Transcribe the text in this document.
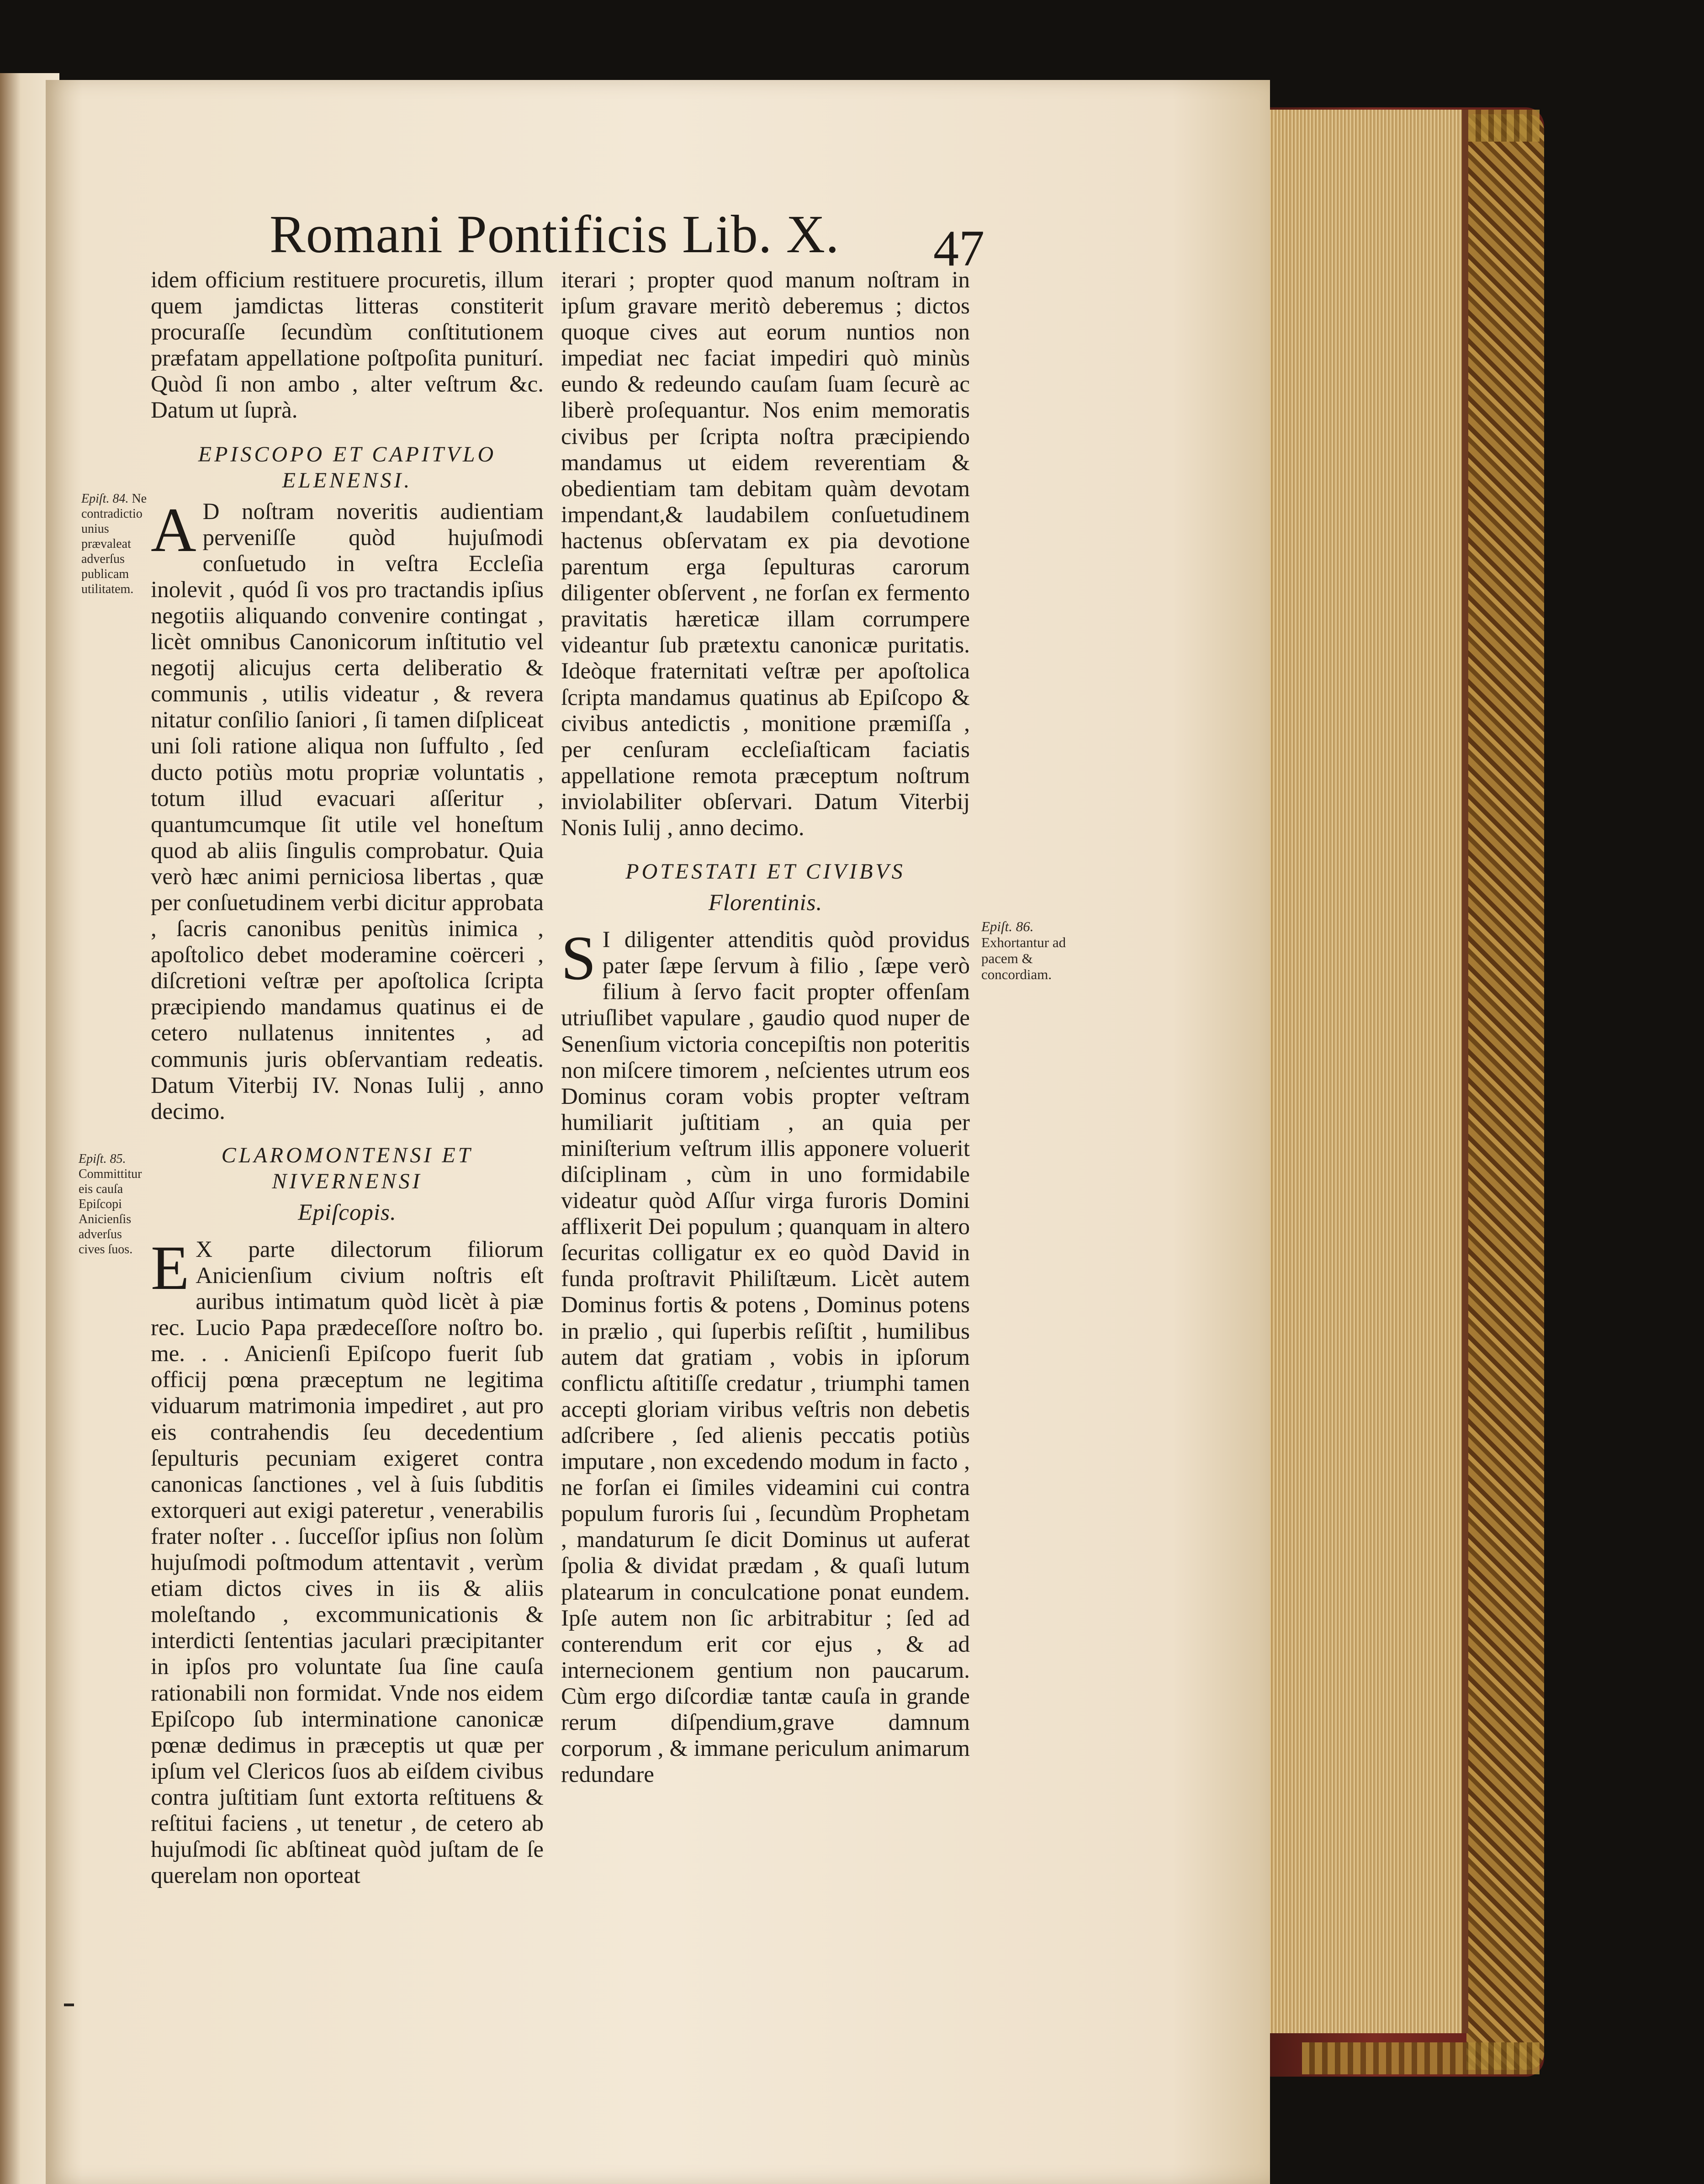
Romani Pontificis Lib. X.	47
Epiſt. 84. Ne contradictio unius prævaleat adverſus publicam utilitatem.
Epiſt. 85. Committitur eis cauſa Epiſcopi Anicienſis adverſus cives ſuos.
Epiſt. 86. Exhortantur ad pacem & concordiam.

idem officium restituere procuretis, illum quem jamdictas litteras constiterit procuraſſe ſecundùm conſtitutionem præfatam appellatione poſtpoſita puniturí. Quòd ſi non ambo , alter veſtrum &c. Datum ut ſuprà.

EPISCOPO ET CAPITVLO ELENENSI.

A D noſtram noveritis audientiam perveniſſe quòd hujuſmodi conſuetudo in veſtra Eccleſia inolevit , quód ſi vos pro tractandis ipſius negotiis aliquando convenire contingat , licèt omnibus Canonicorum inſtitutio vel negotij alicujus certa deliberatio & communis , utilis videatur , & revera nitatur conſilio ſaniori , ſi tamen diſpliceat uni ſoli ratione aliqua non ſuffulto , ſed ducto potiùs motu propriæ voluntatis , totum illud evacuari aſſeritur , quantumcumque ſit utile vel honeſtum quod ab aliis ſingulis comprobatur. Quia verò hæc animi perniciosa libertas , quæ per conſuetudinem verbi dicitur approbata , ſacris canonibus penitùs inimica , apoſtolico debet moderamine coërceri , diſcretioni veſtræ per apoſtolica ſcripta præcipiendo mandamus quatinus ei de cetero nullatenus innitentes , ad communis juris obſervantiam redeatis. Datum Viterbij IV. Nonas Iulij , anno decimo.

CLAROMONTENSI ET NIVERNENSI
Epiſcopis.

E X parte dilectorum filiorum Anicienſium civium noſtris eſt auribus intimatum quòd licèt à piæ rec. Lucio Papa prædeceſſore noſtro bo. me. . . Anicienſi Epiſcopo fuerit ſub officij pœna præceptum ne legitima viduarum matrimonia impediret , aut pro eis contrahendis ſeu decedentium ſepulturis pecuniam exigeret contra canonicas ſanctiones , vel à ſuis ſubditis extorqueri aut exigi pateretur , venerabilis frater noſter . . ſucceſſor ipſius non ſolùm hujuſmodi poſtmodum attentavit , verùm etiam dictos cives in iis & aliis moleſtando , excommunicationis & interdicti ſententias jaculari præcipitanter in ipſos pro voluntate ſua ſine cauſa rationabili non formidat. Vnde nos eidem Epiſcopo ſub interminatione canonicæ pœnæ dedimus in præceptis ut quæ per ipſum vel Clericos ſuos ab eiſdem civibus contra juſtitiam ſunt extorta reſtituens & reſtitui faciens , ut tenetur , de cetero ab hujuſmodi ſic abſtineat quòd juſtam de ſe querelam non oporteat

iterari ; propter quod manum noſtram in ipſum gravare meritò deberemus ; dictos quoque cives aut eorum nuntios non impediat nec faciat impediri quò minùs eundo & redeundo cauſam ſuam ſecurè ac liberè proſequantur. Nos enim memoratis civibus per ſcripta noſtra præcipiendo mandamus ut eidem reverentiam & obedientiam tam debitam quàm devotam impendant,& laudabilem conſuetudinem hactenus obſervatam ex pia devotione parentum erga ſepulturas carorum diligenter obſervent , ne forſan ex fermento pravitatis hæreticæ illam corrumpere videantur ſub prætextu canonicæ puritatis. Ideòque fraternitati veſtræ per apoſtolica ſcripta mandamus quatinus ab Epiſcopo & civibus antedictis , monitione præmiſſa , per cenſuram eccleſiaſticam faciatis appellatione remota præceptum noſtrum inviolabiliter obſervari. Datum Viterbij Nonis Iulij , anno decimo.

POTESTATI ET CIVIBVS
Florentinis.

S I diligenter attenditis quòd providus pater ſæpe ſervum à filio , ſæpe verò filium à ſervo facit propter offenſam utriuſlibet vapulare , gaudio quod nuper de Senenſium victoria concepiſtis non poteritis non miſcere timorem , neſcientes utrum eos Dominus coram vobis propter veſtram humiliarit juſtitiam , an quia per miniſterium veſtrum illis apponere voluerit diſciplinam , cùm in uno formidabile videatur quòd Aſſur virga furoris Domini afflixerit Dei populum ; quanquam in altero ſecuritas colligatur ex eo quòd David in funda proſtravit Philiſtæum. Licèt autem Dominus fortis & potens , Dominus potens in prælio , qui ſuperbis reſiſtit , humilibus autem dat gratiam , vobis in ipſorum conflictu aſtitiſſe credatur , triumphi tamen accepti gloriam viribus veſtris non debetis adſcribere , ſed alienis peccatis potiùs imputare , non excedendo modum in facto , ne forſan ei ſimiles videamini cui contra populum furoris ſui , ſecundùm Prophetam , mandaturum ſe dicit Dominus ut auferat ſpolia & dividat prædam , & quaſi lutum platearum in conculcatione ponat eundem. Ipſe autem non ſic arbitrabitur ; ſed ad conterendum erit cor ejus , & ad internecionem gentium non paucarum. Cùm ergo diſcordiæ tantæ cauſa in grande rerum diſpendium,grave damnum corporum , & immane periculum animarum redundare
